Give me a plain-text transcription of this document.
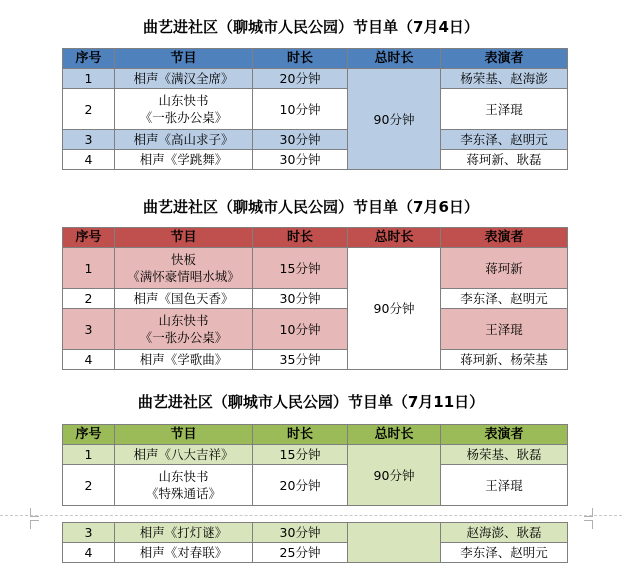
曲艺进社区（聊城市人民公园）节目单（7月4日）
序号	节目	时长	总时长	表演者
1	相声《满汉全席》	20分钟	90分钟	杨荣基、赵海澎
2	山东快书
《一张办公桌》	10分钟		王泽琨
3	相声《高山求子》	30分钟		李东泽、赵明元
4	相声《学跳舞》	30分钟		蒋珂新、耿磊
曲艺进社区（聊城市人民公园）节目单（7月6日）
序号	节目	时长	总时长	表演者
1	快板
《满怀豪情唱水城》	15分钟	90分钟	蒋珂新
2	相声《国色天香》	30分钟		李东泽、赵明元
3	山东快书
《一张办公桌》	10分钟		王泽琨
4	相声《学歌曲》	35分钟		蒋珂新、杨荣基
曲艺进社区（聊城市人民公园）节目单（7月11日）
序号	节目	时长	总时长	表演者
1	相声《八大吉祥》	15分钟	90分钟	杨荣基、耿磊
2	山东快书
《特殊通话》	20分钟		王泽琨
3	相声《打灯谜》	30分钟		赵海澎、耿磊
4	相声《对春联》	25分钟		李东泽、赵明元
